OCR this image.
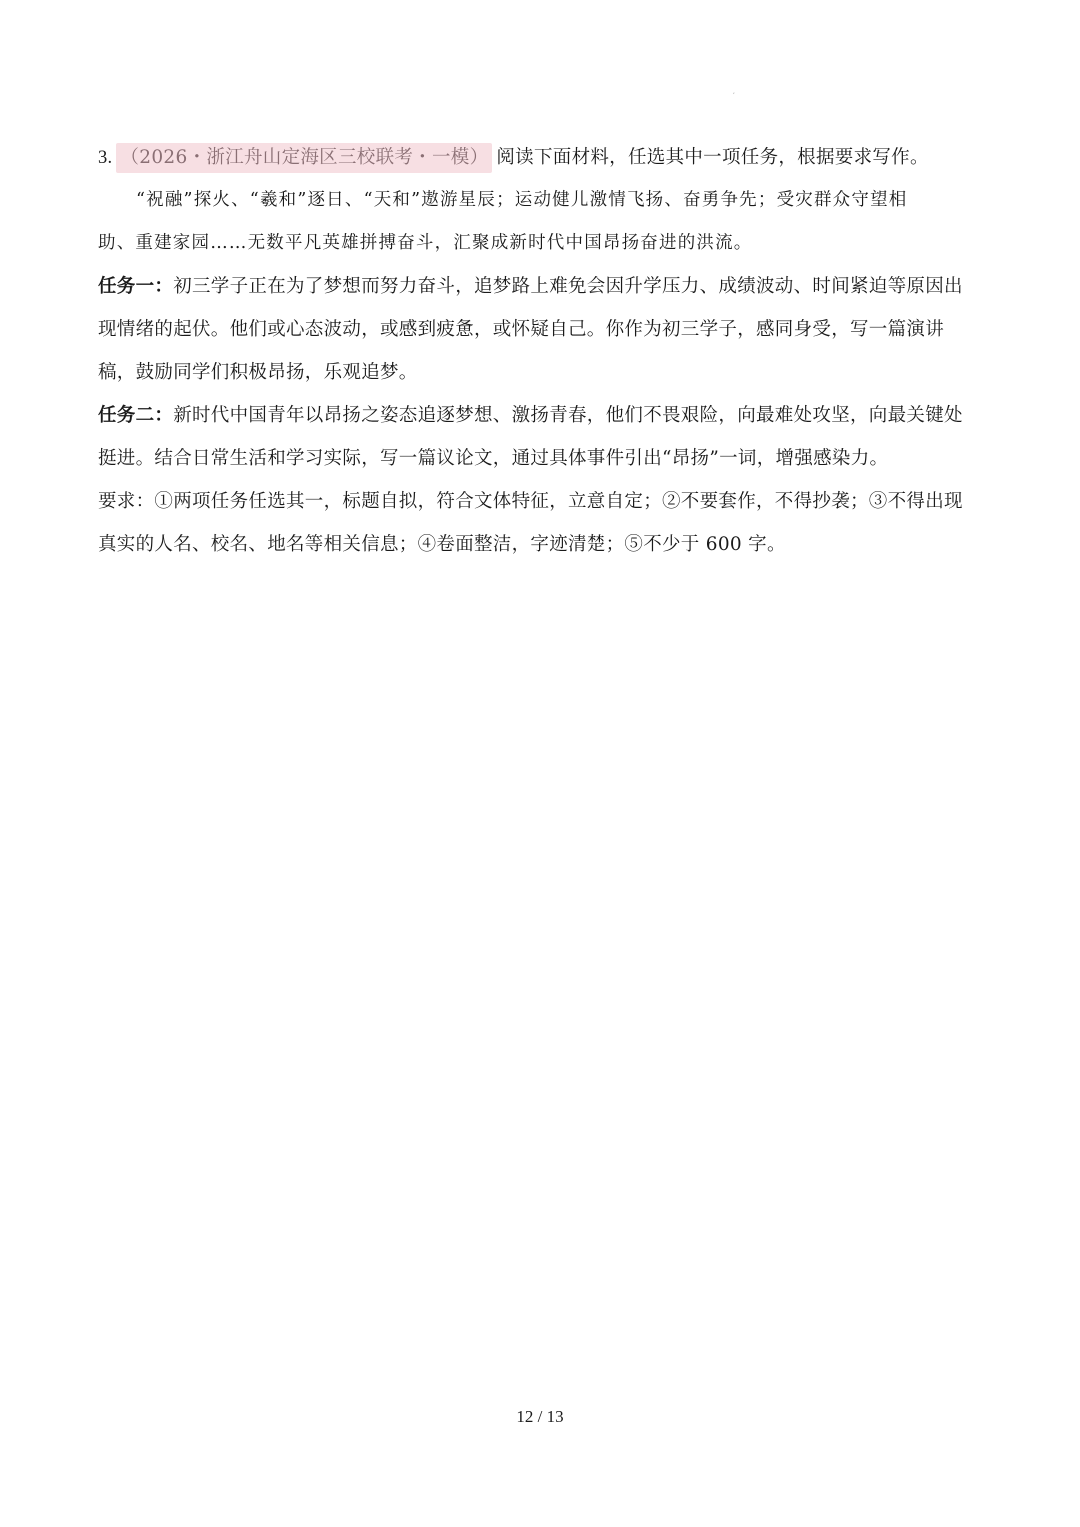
,
3. （2026・浙江舟山定海区三校联考・一模） 阅读下面材料，任选其中一项任务，根据要求写作。
“祝融”探火、“羲和”逐日、“天和”遨游星辰；运动健儿激情飞扬、奋勇争先；受灾群众守望相
助、重建家园……无数平凡英雄拼搏奋斗，汇聚成新时代中国昂扬奋进的洪流。
任务一：初三学子正在为了梦想而努力奋斗，追梦路上难免会因升学压力、成绩波动、时间紧迫等原因出
现情绪的起伏。他们或心态波动，或感到疲惫，或怀疑自己。你作为初三学子，感同身受，写一篇演讲
稿，鼓励同学们积极昂扬，乐观追梦。
任务二：新时代中国青年以昂扬之姿态追逐梦想、激扬青春，他们不畏艰险，向最难处攻坚，向最关键处
挺进。结合日常生活和学习实际，写一篇议论文，通过具体事件引出“昂扬”一词，增强感染力。
要求：①两项任务任选其一，标题自拟，符合文体特征，立意自定；②不要套作，不得抄袭；③不得出现
真实的人名、校名、地名等相关信息；④卷面整洁，字迹清楚；⑤不少于 600 字。
12 / 13
